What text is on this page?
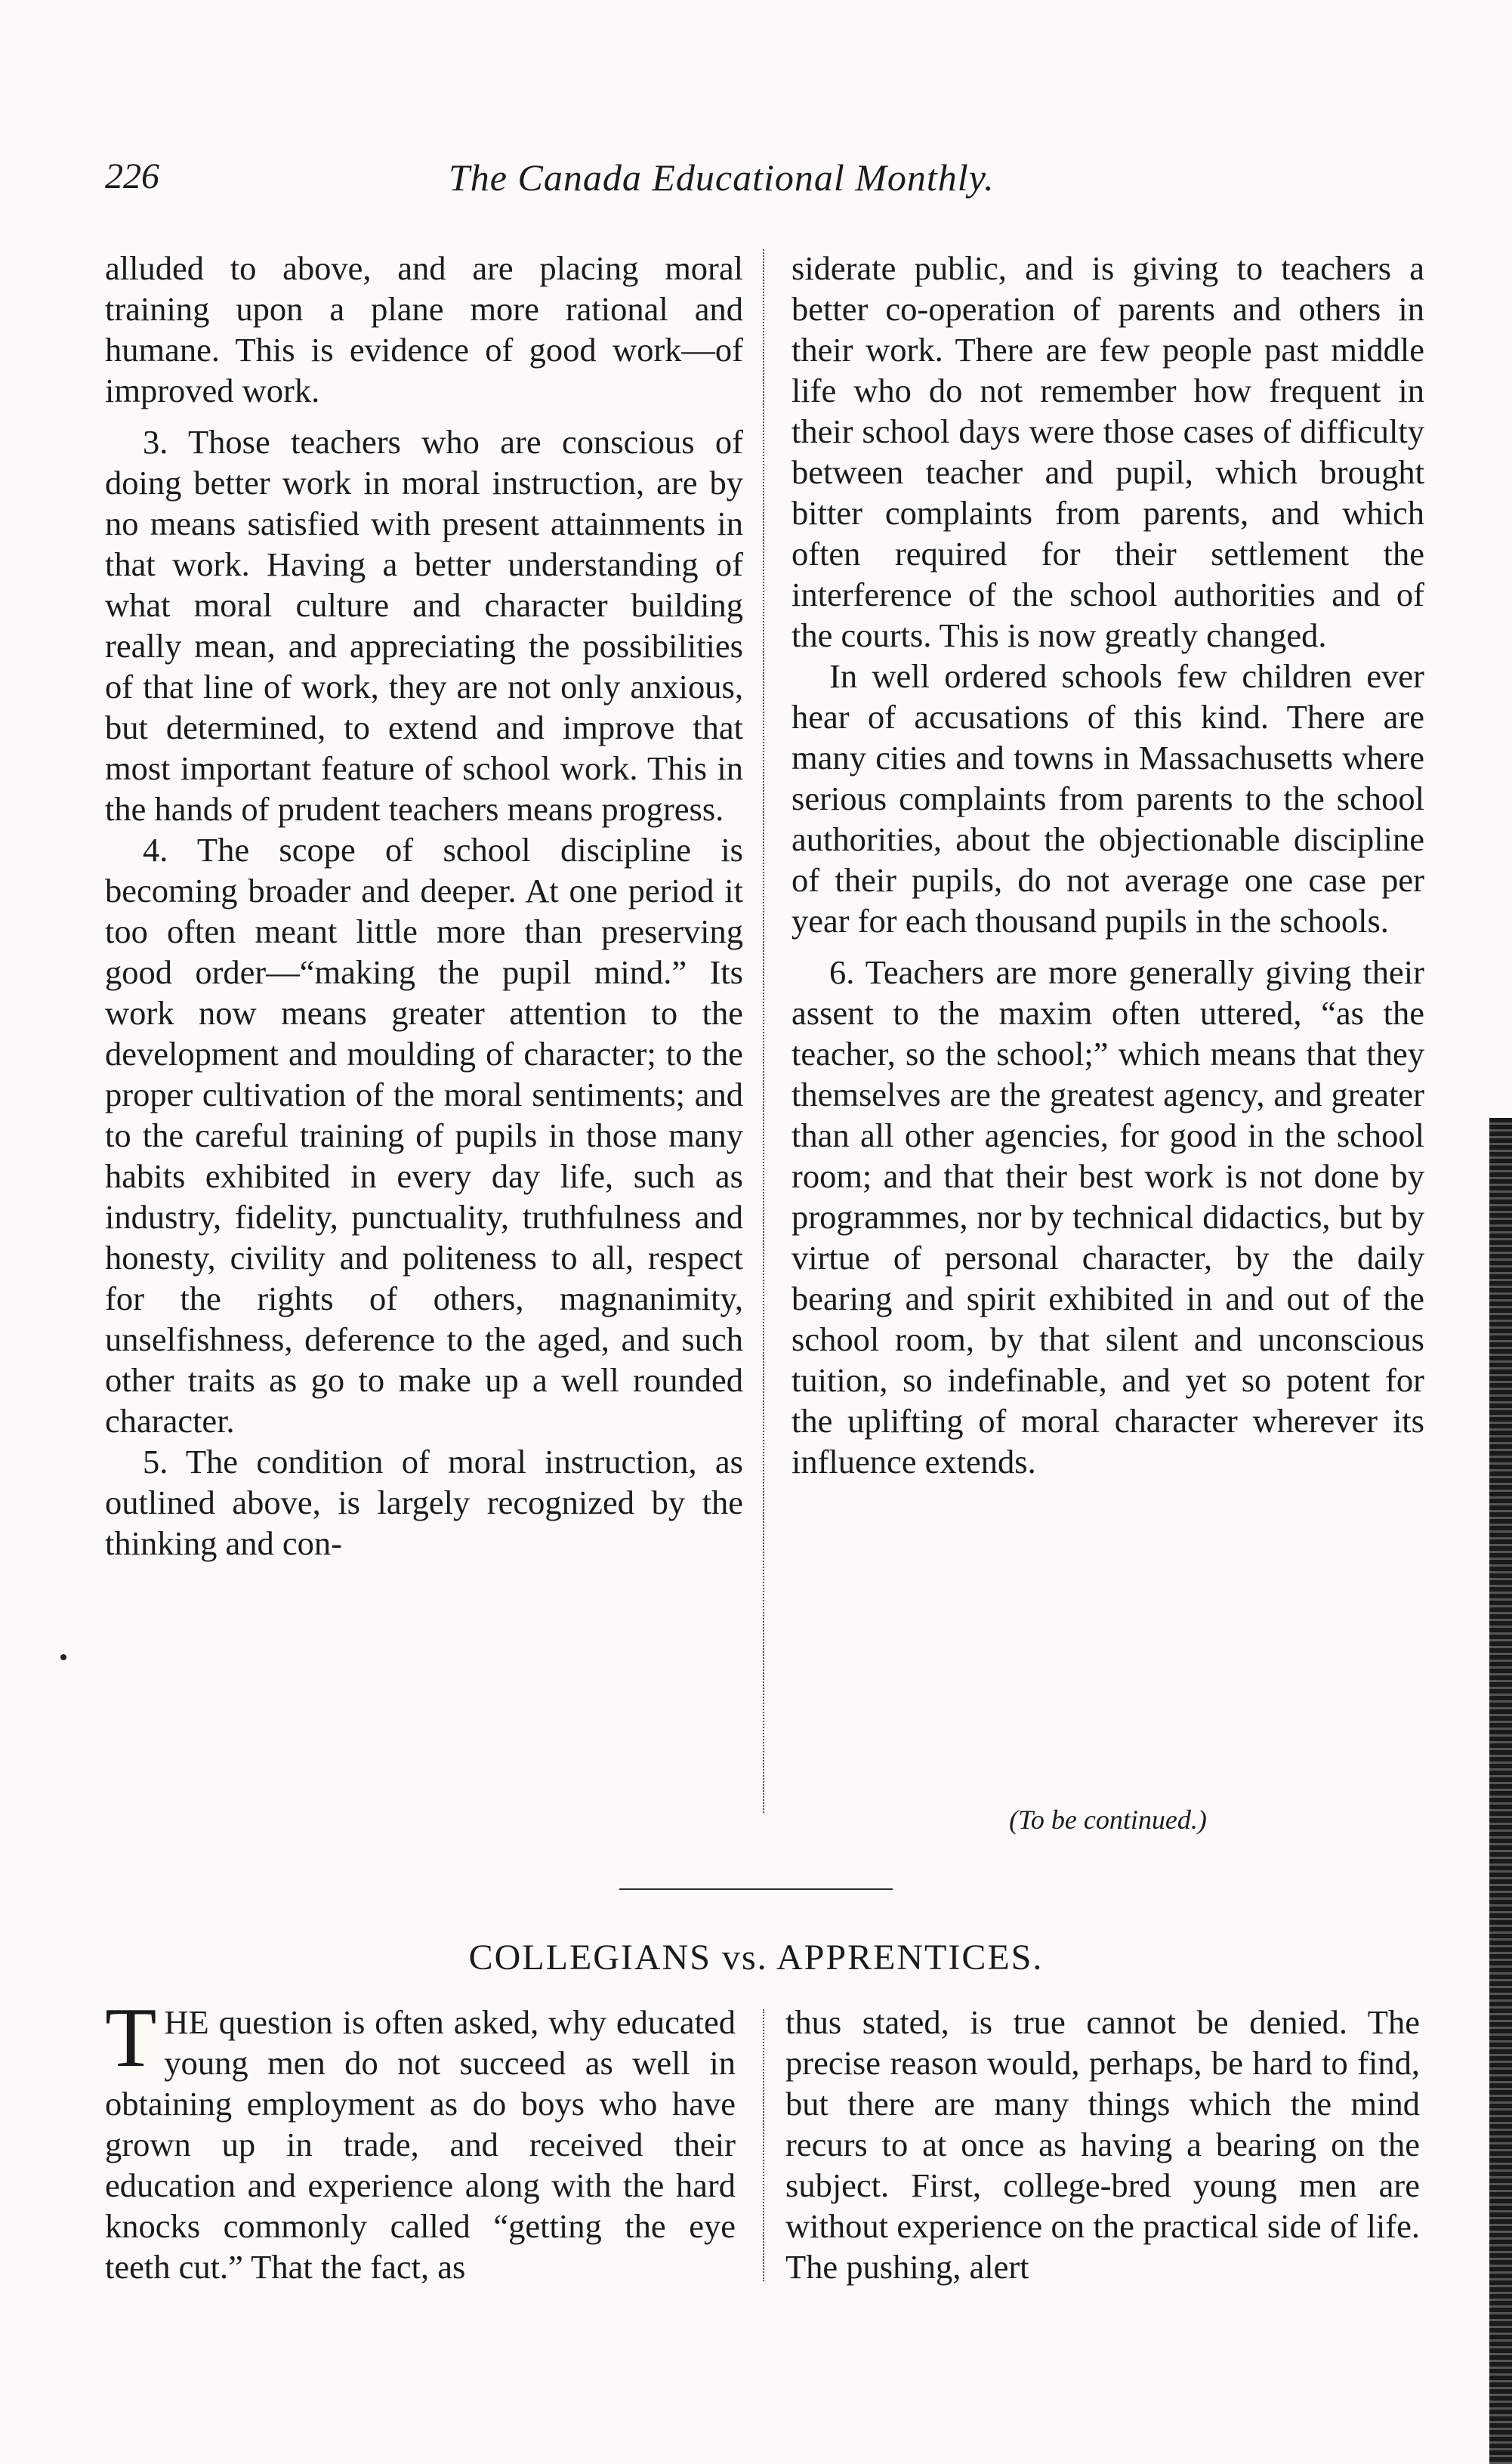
226	The Canada Educational Monthly.

alluded to above, and are placing moral training upon a plane more rational and humane. This is evidence of good work—of improved work.

3. Those teachers who are conscious of doing better work in moral instruction, are by no means satisfied with present attainments in that work. Having a better understanding of what moral culture and character building really mean, and appreciating the possibilities of that line of work, they are not only anxious, but determined, to extend and improve that most important feature of school work. This in the hands of prudent teachers means progress.

4. The scope of school discipline is becoming broader and deeper. At one period it too often meant little more than preserving good order—“making the pupil mind.” Its work now means greater attention to the development and moulding of character; to the proper cultivation of the moral sentiments; and to the careful training of pupils in those many habits exhibited in every day life, such as industry, fidelity, punctuality, truthfulness and honesty, civility and politeness to all, respect for the rights of others, magnanimity, unselfishness, deference to the aged, and such other traits as go to make up a well rounded character.

5. The condition of moral instruction, as outlined above, is largely recognized by the thinking and con-

siderate public, and is giving to teachers a better co-operation of parents and others in their work. There are few people past middle life who do not remember how frequent in their school days were those cases of difficulty between teacher and pupil, which brought bitter complaints from parents, and which often required for their settlement the interference of the school authorities and of the courts. This is now greatly changed.

In well ordered schools few children ever hear of accusations of this kind. There are many cities and towns in Massachusetts where serious complaints from parents to the school authorities, about the objectionable discipline of their pupils, do not average one case per year for each thousand pupils in the schools.

6. Teachers are more generally giving their assent to the maxim often uttered, “as the teacher, so the school;” which means that they themselves are the greatest agency, and greater than all other agencies, for good in the school room; and that their best work is not done by programmes, nor by technical didactics, but by virtue of personal character, by the daily bearing and spirit exhibited in and out of the school room, by that silent and unconscious tuition, so indefinable, and yet so potent for the uplifting of moral character wherever its influence extends.

(To be continued.)
COLLEGIANS vs. APPRENTICES.

T HE question is often asked, why educated young men do not succeed as well in obtaining employment as do boys who have grown up in trade, and received their education and experience along with the hard knocks commonly called “getting the eye teeth cut.” That the fact, as

thus stated, is true cannot be denied. The precise reason would, perhaps, be hard to find, but there are many things which the mind recurs to at once as having a bearing on the subject. First, college-bred young men are without experience on the practical side of life. The pushing, alert
